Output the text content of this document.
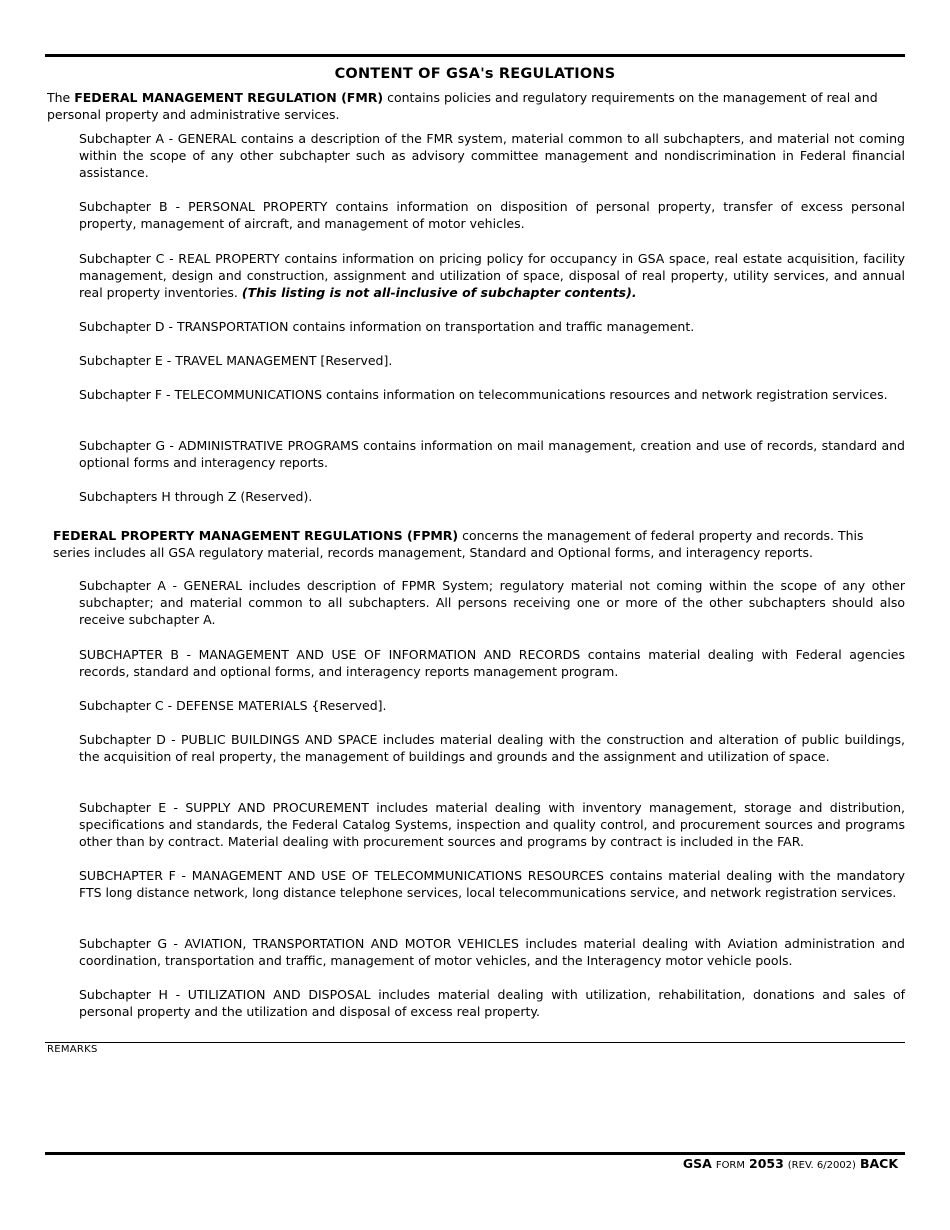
CONTENT OF GSA's REGULATIONS
The FEDERAL MANAGEMENT REGULATION (FMR) contains policies and regulatory requirements on the management of real and personal property and administrative services.
Subchapter A - GENERAL contains a description of the FMR system, material common to all subchapters, and material not coming within the scope of any other subchapter such as advisory committee management and nondiscrimination in Federal financial assistance.
Subchapter B - PERSONAL PROPERTY contains information on disposition of personal property, transfer of excess personal property, management of aircraft, and management of motor vehicles.
Subchapter C - REAL PROPERTY contains information on pricing policy for occupancy in GSA space, real estate acquisition, facility management, design and construction, assignment and utilization of space, disposal of real property, utility services, and annual real property inventories. (This listing is not all-inclusive of subchapter contents).
Subchapter D - TRANSPORTATION contains information on transportation and traffic management.
Subchapter E - TRAVEL MANAGEMENT [Reserved].
Subchapter F - TELECOMMUNICATIONS contains information on telecommunications resources and network registration services.
Subchapter G - ADMINISTRATIVE PROGRAMS contains information on mail management, creation and use of records, standard and optional forms and interagency reports.
Subchapters H through Z (Reserved).
FEDERAL PROPERTY MANAGEMENT REGULATIONS (FPMR) concerns the management of federal property and records. This series includes all GSA regulatory material, records management, Standard and Optional forms, and interagency reports.
Subchapter A - GENERAL includes description of FPMR System; regulatory material not coming within the scope of any other subchapter; and material common to all subchapters. All persons receiving one or more of the other subchapters should also receive subchapter A.
SUBCHAPTER B - MANAGEMENT AND USE OF INFORMATION AND RECORDS contains material dealing with Federal agencies records, standard and optional forms, and interagency reports management program.
Subchapter C - DEFENSE MATERIALS {Reserved].
Subchapter D - PUBLIC BUILDINGS AND SPACE includes material dealing with the construction and alteration of public buildings, the acquisition of real property, the management of buildings and grounds and the assignment and utilization of space.
Subchapter E - SUPPLY AND PROCUREMENT includes material dealing with inventory management, storage and distribution, specifications and standards, the Federal Catalog Systems, inspection and quality control, and procurement sources and programs other than by contract. Material dealing with procurement sources and programs by contract is included in the FAR.
SUBCHAPTER F - MANAGEMENT AND USE OF TELECOMMUNICATIONS RESOURCES contains material dealing with the mandatory FTS long distance network, long distance telephone services, local telecommunications service, and network registration services.
Subchapter G - AVIATION, TRANSPORTATION AND MOTOR VEHICLES includes material dealing with Aviation administration and coordination, transportation and traffic, management of motor vehicles, and the Interagency motor vehicle pools.
Subchapter H - UTILIZATION AND DISPOSAL includes material dealing with utilization, rehabilitation, donations and sales of personal property and the utilization and disposal of excess real property.
REMARKS
GSA FORM 2053 (REV. 6/2002) BACK
